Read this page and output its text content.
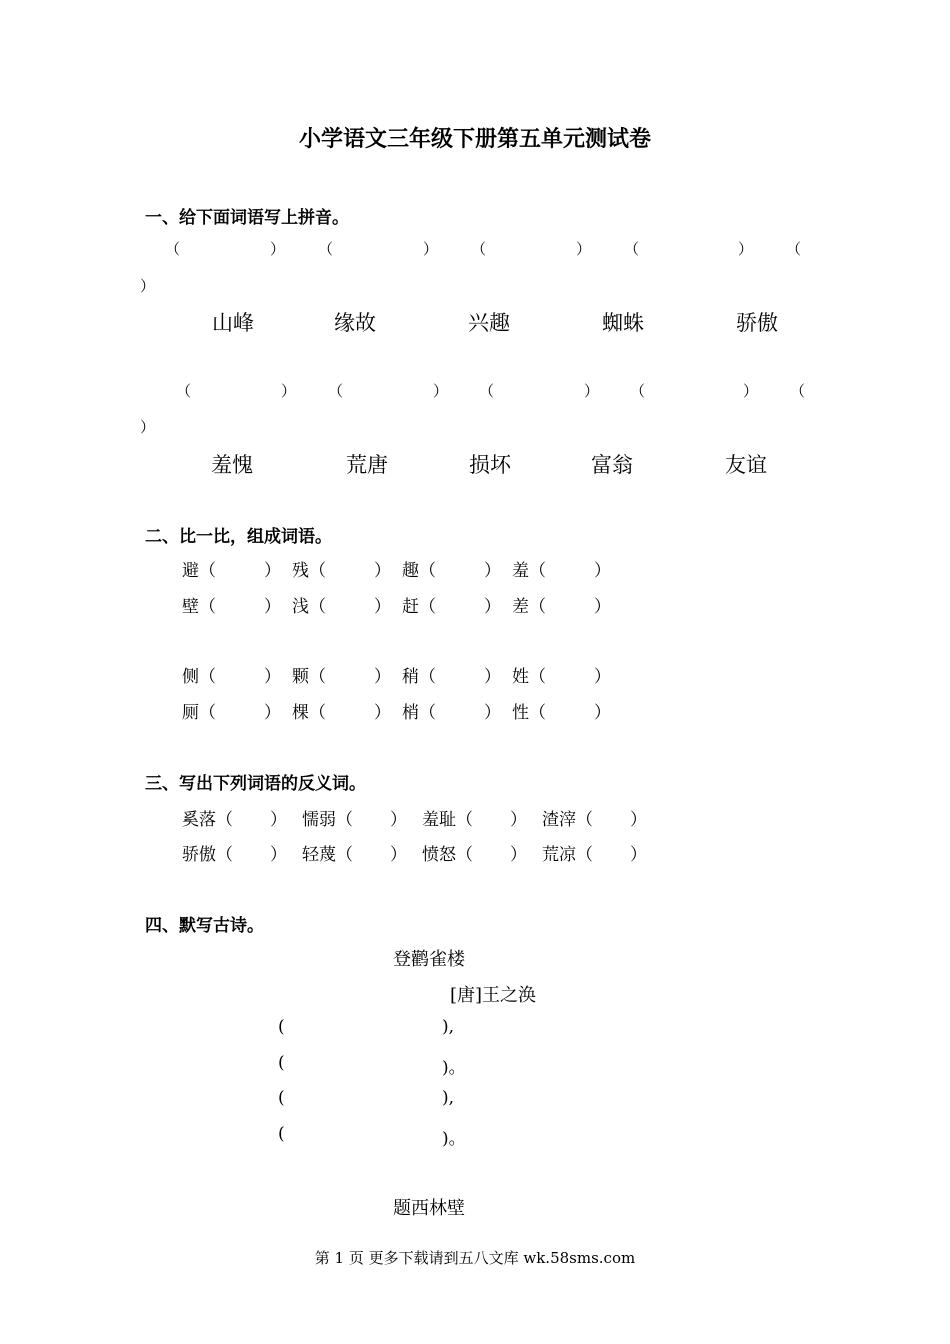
小学语文三年级下册第五单元测试卷
一、给下面词语写上拼音。
（	） （	） （	） （	） （
）
山峰	缘故	兴趣	蜘蛛	骄傲
（	） （	） （	） （	） （
）
羞愧	荒唐	损坏	富翁	友谊
二、比一比，组成词语。
避（	） 残（	） 趣（	） 羞（	）
壁（	） 浅（	） 赶（	） 差（	）
侧（	） 颗（	） 稍（	） 姓（	）
厕（	） 棵（	） 梢（	） 性（	）
三、写出下列词语的反义词。
奚落（ ） 懦弱（ ） 羞耻（ ） 渣滓（ ）
骄傲（ ） 轻蔑（ ） 愤怒（ ） 荒凉（ ）
四、默写古诗。
登鹳雀楼
[唐]王之涣
(	),
(	)。
(	),
(	)。
题西林壁
第 1 页 更多下载请到五八文库 wk.58sms.com
